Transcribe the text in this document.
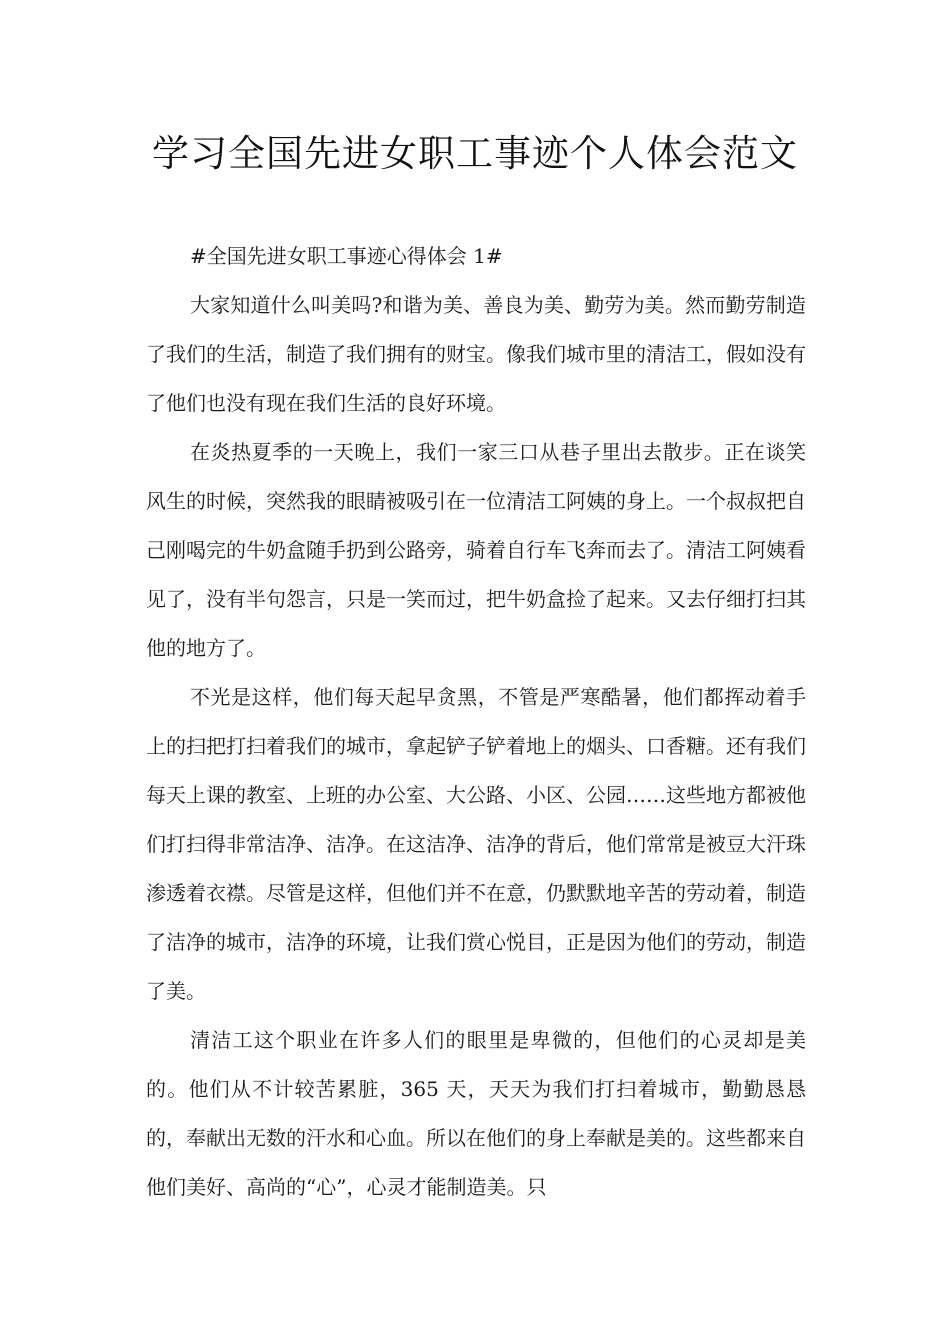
学习全国先进女职工事迹个人体会范文

#全国先进女职工事迹心得体会 1#

大家知道什么叫美吗?和谐为美、善良为美、勤劳为美。然而勤劳制造了我们的生活，制造了我们拥有的财宝。像我们城市里的清洁工，假如没有了他们也没有现在我们生活的良好环境。

在炎热夏季的一天晚上，我们一家三口从巷子里出去散步。正在谈笑风生的时候，突然我的眼睛被吸引在一位清洁工阿姨的身上。一个叔叔把自己刚喝完的牛奶盒随手扔到公路旁，骑着自行车飞奔而去了。清洁工阿姨看见了，没有半句怨言，只是一笑而过，把牛奶盒捡了起来。又去仔细打扫其他的地方了。

不光是这样，他们每天起早贪黑，不管是严寒酷暑，他们都挥动着手上的扫把打扫着我们的城市，拿起铲子铲着地上的烟头、口香糖。还有我们每天上课的教室、上班的办公室、大公路、小区、公园……这些地方都被他们打扫得非常洁净、洁净。在这洁净、洁净的背后，他们常常是被豆大汗珠渗透着衣襟。尽管是这样，但他们并不在意，仍默默地辛苦的劳动着，制造了洁净的城市，洁净的环境，让我们赏心悦目，正是因为他们的劳动，制造了美。

清洁工这个职业在许多人们的眼里是卑微的，但他们的心灵却是美的。他们从不计较苦累脏，365 天，天天为我们打扫着城市，勤勤恳恳的，奉献出无数的汗水和心血。所以在他们的身上奉献是美的。这些都来自他们美好、高尚的“心”，心灵才能制造美。只
